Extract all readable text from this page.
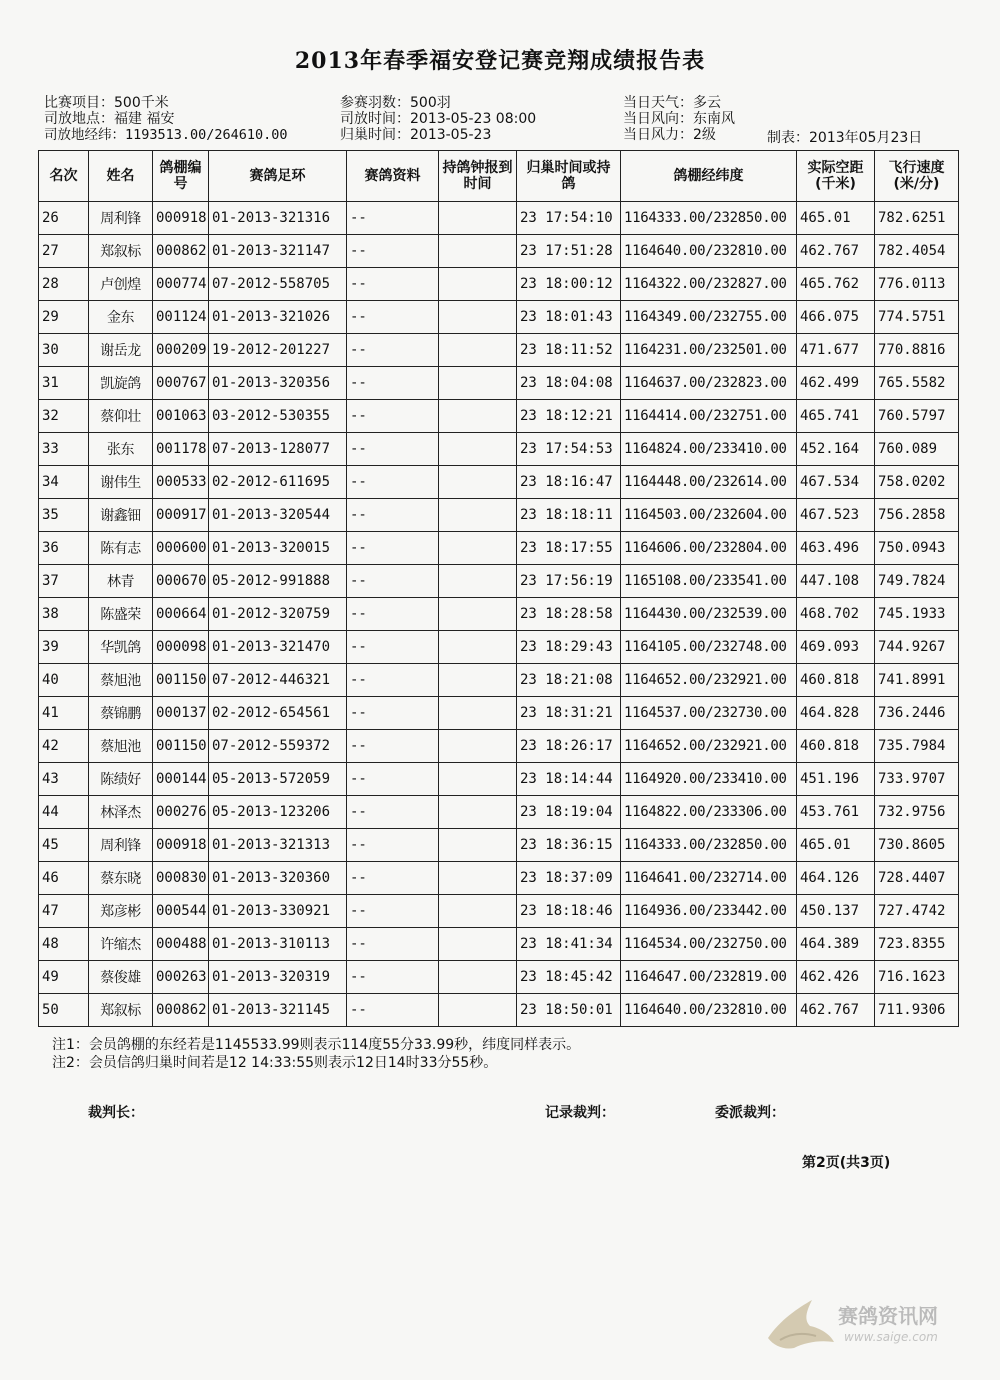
2013年春季福安登记赛竞翔成绩报告表
比赛项目：500千米
司放地点：福建 福安
司放地经纬：1193513.00/264610.00
参赛羽数：500羽
司放时间：2013-05-23 08:00
归巢时间：2013-05-23
当日天气：多云
当日风向：东南风
当日风力：2级	制表：2013年05月23日
名次	姓名	鸽棚编号	赛鸽足环	赛鸽资料	持鸽钟报到时间	归巢时间或持鸽	鸽棚经纬度	实际空距(千米)	飞行速度(米/分)
26	周利锋	000918	01-2013-321316	--		23 17:54:10	1164333.00/232850.00	465.01	782.6251
27	郑叙标	000862	01-2013-321147	--		23 17:51:28	1164640.00/232810.00	462.767	782.4054
28	卢创煌	000774	07-2012-558705	--		23 18:00:12	1164322.00/232827.00	465.762	776.0113
29	金东	001124	01-2013-321026	--		23 18:01:43	1164349.00/232755.00	466.075	774.5751
30	谢岳龙	000209	19-2012-201227	--		23 18:11:52	1164231.00/232501.00	471.677	770.8816
31	凯旋鸽	000767	01-2013-320356	--		23 18:04:08	1164637.00/232823.00	462.499	765.5582
32	蔡仰壮	001063	03-2012-530355	--		23 18:12:21	1164414.00/232751.00	465.741	760.5797
33	张东	001178	07-2013-128077	--		23 17:54:53	1164824.00/233410.00	452.164	760.089
34	谢伟生	000533	02-2012-611695	--		23 18:16:47	1164448.00/232614.00	467.534	758.0202
35	谢鑫钿	000917	01-2013-320544	--		23 18:18:11	1164503.00/232604.00	467.523	756.2858
36	陈有志	000600	01-2013-320015	--		23 18:17:55	1164606.00/232804.00	463.496	750.0943
37	林青	000670	05-2012-991888	--		23 17:56:19	1165108.00/233541.00	447.108	749.7824
38	陈盛荣	000664	01-2012-320759	--		23 18:28:58	1164430.00/232539.00	468.702	745.1933
39	华凯鸽	000098	01-2013-321470	--		23 18:29:43	1164105.00/232748.00	469.093	744.9267
40	蔡旭池	001150	07-2012-446321	--		23 18:21:08	1164652.00/232921.00	460.818	741.8991
41	蔡锦鹏	000137	02-2012-654561	--		23 18:31:21	1164537.00/232730.00	464.828	736.2446
42	蔡旭池	001150	07-2012-559372	--		23 18:26:17	1164652.00/232921.00	460.818	735.7984
43	陈绩好	000144	05-2013-572059	--		23 18:14:44	1164920.00/233410.00	451.196	733.9707
44	林泽杰	000276	05-2013-123206	--		23 18:19:04	1164822.00/233306.00	453.761	732.9756
45	周利锋	000918	01-2013-321313	--		23 18:36:15	1164333.00/232850.00	465.01	730.8605
46	蔡东晓	000830	01-2013-320360	--		23 18:37:09	1164641.00/232714.00	464.126	728.4407
47	郑彦彬	000544	01-2013-330921	--		23 18:18:46	1164936.00/233442.00	450.137	727.4742
48	许缩杰	000488	01-2013-310113	--		23 18:41:34	1164534.00/232750.00	464.389	723.8355
49	蔡俊雄	000263	01-2013-320319	--		23 18:45:42	1164647.00/232819.00	462.426	716.1623
50	郑叙标	000862	01-2013-321145	--		23 18:50:01	1164640.00/232810.00	462.767	711.9306
注1：会员鸽棚的东经若是1145533.99则表示114度55分33.99秒，纬度同样表示。
注2：会员信鸽归巢时间若是12 14:33:55则表示12日14时33分55秒。
裁判长：	记录裁判：	委派裁判：
第2页(共3页)
赛鸽资讯网
www.saige.com
